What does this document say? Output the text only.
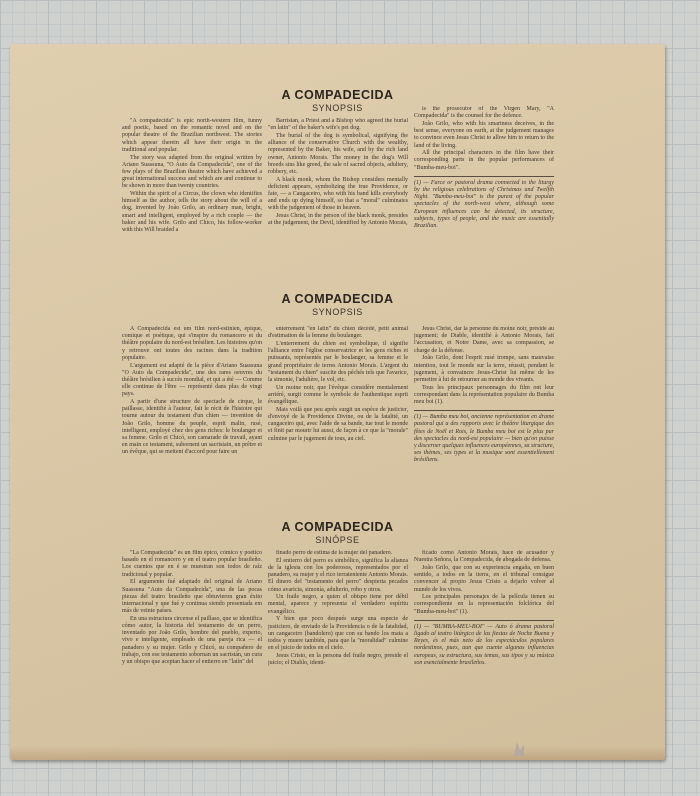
A COMPADECIDA
SYNOPSIS

"A compadecida" is epic north-western film, funny and poetic, based on the romantic novel and on the popular theatre of the Brazilian northwest. The stories which appear therein all have their origin in the traditional and popular.

The story was adapted from the original written by Ariano Suassuna, "O Auto da Compadecida", one of the few plays of the Brazilian theatre which have achieved a great international success and which are and continue to be shown in more than twenty countries.

Within the spirit of a Circus, the clown who identifies himself as the author, tells the story about the will of a dog, invented by João Grilo, an ordinary man, bright, smart and intelligent, employed by a rich couple — the baker and his wife. Grilo and Chico, his follow-worker with this Will braided a

Barristan, a Priest and a Bishop who agreed the burial "en latin" of the baker's wife's pet dog.

The burial of the dog is symbolical, signifying the alliance of the conservative Church with the wealthy, represented by the Baker, his wife, and by the rich land owner, Antonio Morais. The money in the dog's Will breeds sins like greed, the sale of sacred objects, adultery, robbery, etc.

A black monk, whom the Bishop considers mentally deficient appears, symbolizing the true Providence, or fate, — a Cangaceiro, who with his band kills everybody and ends up dying himself, so that a "moral" culminates with the judgement of those in heaven.

Jesus Christ, in the person of the black monk, presides at the judgement, the Devil, identified by Antonio Morais,

is the prosecutor of the Virgen Mary, "A Compadecida" is the counsel for the defence.

João Grilo, who with his smartness deceives, in the best sense, everyone on earth, at the judgement manages to convince even Jesus Christ to allow him to return to the land of the living.

All the principal characters in the film have their corresponding parts in the popular performances of "Bumba-meu-boi".

(1) — Farce or pastoral drama connected to the liturgy by the religious celebrations of Christmas and Twelfth Night. "Bumba-meu-boi" is the purest of the popular spectacles of the north-west where, although some European influences can be detected, its structure, subjects, types of people, and the music are essentially Brazilian.

A COMPADECIDA
SYNOPSIS

A Compadecida est um film nord-estinien, épique, comique et poétique, qui s'inspire du romancero et du théâtre populaire du nord-est brésilien. Les histoires qu'on y retrouve ont toutes des racines dans la tradition populaire.

L'argument est adapté de la pièce d'Ariano Suassuna "O Auto da Compadecida", une des rares oeuvres du théâtre brésilien à succès mondial, et qui a été — Comme elle continue de l'être — représenté dans plus de vingt pays.

A partir d'une structure de spectacle de cirque, le paillasse, identifié à l'auteur, fait le récit de l'histoire qui tourne autour du testament d'un chien — invention de João Grilo, homme du peuple, esprit malin, rusé, intelligent, employé chez des gens riches: le boulanger et sa femme. Grilo et Chicó, son camarade de travail, ayant en main ce testament, subornent un sacristain, un prêtre et un évêque, qui se mettent d'accord pour faire un

enterrement "en latin" du chien décédé, petit animal d'estimation de la femme du boulanger.

L'enterrement du chien est symbolique, il signifie l'alliance entre l'église conservatrice et les gens riches et puissants, représentés par le boulanger, sa femme et le grand propriétaire de terres Antonio Morais. L'argent du "testament du chien" suscite des péchés tels que l'avarice, la simonie, l'adultère, le vol, etc.

Un moine noir, que l'évêque considère mentalement arriéré, surgit comme le symbole de l'authentique esprit évangélique.

Mais voilà que peu après surgit un espèce de justicier, d'envoyé de la Providence Divine, ou de la fatalité, un cangaceiro qui, avec l'aide de sa bande, tue tout le monde et finit par mourir lui aussi, de façon à ce que la "morale" culmine par le jugement de tous, au ciel.

Jesus Christ, dar la personne du moine noir, préside au jugement; de Diable, identifié à Antonio Morais, fait l'accusation, et Notre Dame, avec sa compassion, se charge de la défense.

João Grilo, dont l'esprit rusé trompe, sans mauvaise intention, tout le monde sur la terre, réussit, pendant le jugement, à convaincre Jesus-Christ lui même de les permettre à lui de retourner au monde des vivants.

Tous les principaux personnages du film ont leur correspondant dans la représentation populaire du Bumba meu boi (1).

(1) — Bumba meu boi, ancienne représentation en drame pastoral qui a des rapports avec le théâtre liturgique des fêtes de Noël et Rois, le Bumba meu boi est le plus pur des spectacles du nord-est populaire — bien qu'on puisse y discerner quelques influences européennes, sa structure, ses thèmes, ses types et la musique sont essentiellement brésiliens.

A COMPADECIDA
SINÓPSE

"La Compadecida" és un film épico, cómico y poético basado en el romancero y en el teatro popular brasileño. Los cuentos que en é se muestran son todos de raíz tradicional y popular.

El argumento fué adaptado del original de Ariano Suassuna "Auto da Compadecida", una de las pocas piezas del teatro brasileño que obtuvieron gran éxito internacional y que fué y continua siendo presentada em más de veinte países.

En una estructura circense el paillaso, que se identifica cómo autor, la historia del testamento de un perro, inventado por João Grilo, hombre del pueblo, experto, vivo e inteligente, empleado de una pareja rica — el panadero y su mujer. Grilo y Chicó, su compañero de trabajo, con ese testamento sobornan un sacristán, un cura y un obispo que aceptan hacer el entierro en "latín" del

finado perro de estima de la mujer del panadero.

El entierro del perro es simbólico, significa la alianza de la iglesia con los poderosos, representados por el panadero, su mujer y el rico terrateniente Antonio Morais. El dinero del "testamento del perro" despierta pecados cómo avaricia, simonía, adulterio, robo y otros.

Un fraile negro, a quien el obispo tiene por débil mental, aparece y representa el verdadero espíritu evangélico.

Y bien que poco después surge una especie de justiciero, de enviado de la Providencia o de la fatalidad, un cangaceiro (bandolero) que con su bando los mata a todos y muere también, para que la "moralidad" culmine en el juicio de todos en el cielo.

Jesus Cristo, en la persona del fraile negro, preside el juicio; el Diablo, identi-

ficado como Antonio Morais, hace de acusador y Nuestra Señora, la Compadecida, de abogada de defensa.

João Grilo, que con su experiencia engaña, en buen sentido, a todos en la tierra, en el tribunal consigue convencer al propio Jesus Cristo a dejarlo volver al mundo de los vivos.

Los principales personajes de la película tienen su correspondiente en la representación folclórica del "Bumba-meu-boi" (1).

(1) — "BUMBA-MEU-BOI" — Auto ó drama pastoral ligado al teatro litúrgico de las fiestas de Noche Buena y Reyes, és el más neto de los espectáculos populares nordestinos, pues, aun que cuente algunas influencias europeas, su estructura, sus temas, sus tipos y su música son esencialmente brasileños.
